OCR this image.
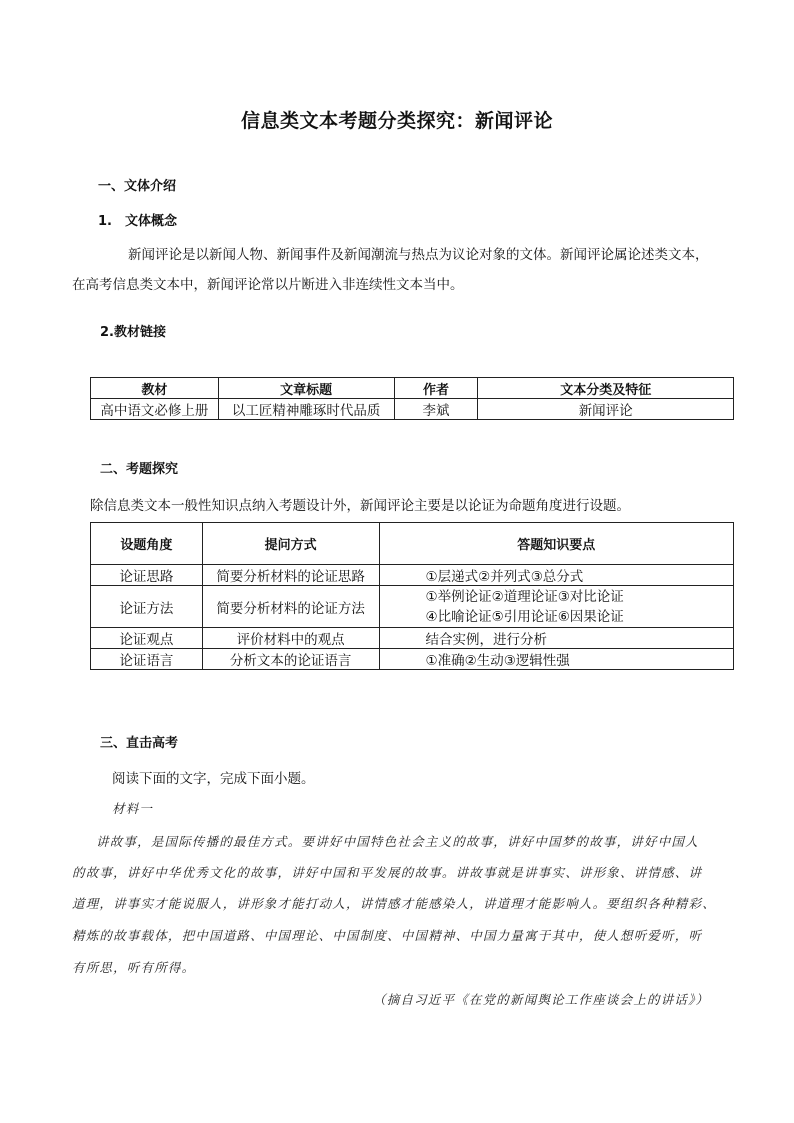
信息类文本考题分类探究：新闻评论
一、文体介绍
1.　文体概念
新闻评论是以新闻人物、新闻事件及新闻潮流与热点为议论对象的文体。新闻评论属论述类文本，
在高考信息类文本中，新闻评论常以片断进入非连续性文本当中。
2.教材链接
教材	文章标题	作者	文本分类及特征
高中语文必修上册	以工匠精神雕琢时代品质	李斌	新闻评论
二、考题探究
除信息类文本一般性知识点纳入考题设计外，新闻评论主要是以论证为命题角度进行设题。
设题角度	提问方式	答题知识要点
论证思路	简要分析材料的论证思路	①层递式②并列式③总分式
论证方法	简要分析材料的论证方法	①举例论证②道理论证③对比论证
④比喻论证⑤引用论证⑥因果论证

论证观点	评价材料中的观点	结合实例，进行分析
论证语言	分析文本的论证语言	①准确②生动③逻辑性强
三、直击高考
阅读下面的文字，完成下面小题。
材料一
讲故事，是国际传播的最佳方式。要讲好中国特色社会主义的故事，讲好中国梦的故事，讲好中国人
的故事，讲好中华优秀文化的故事，讲好中国和平发展的故事。讲故事就是讲事实、讲形象、讲情感、讲
道理，讲事实才能说服人，讲形象才能打动人，讲情感才能感染人，讲道理才能影响人。要组织各种精彩、
精炼的故事载体，把中国道路、中国理论、中国制度、中国精神、中国力量寓于其中，使人想听爱听，听
有所思，听有所得。
（摘自习近平《在党的新闻舆论工作座谈会上的讲话》）
